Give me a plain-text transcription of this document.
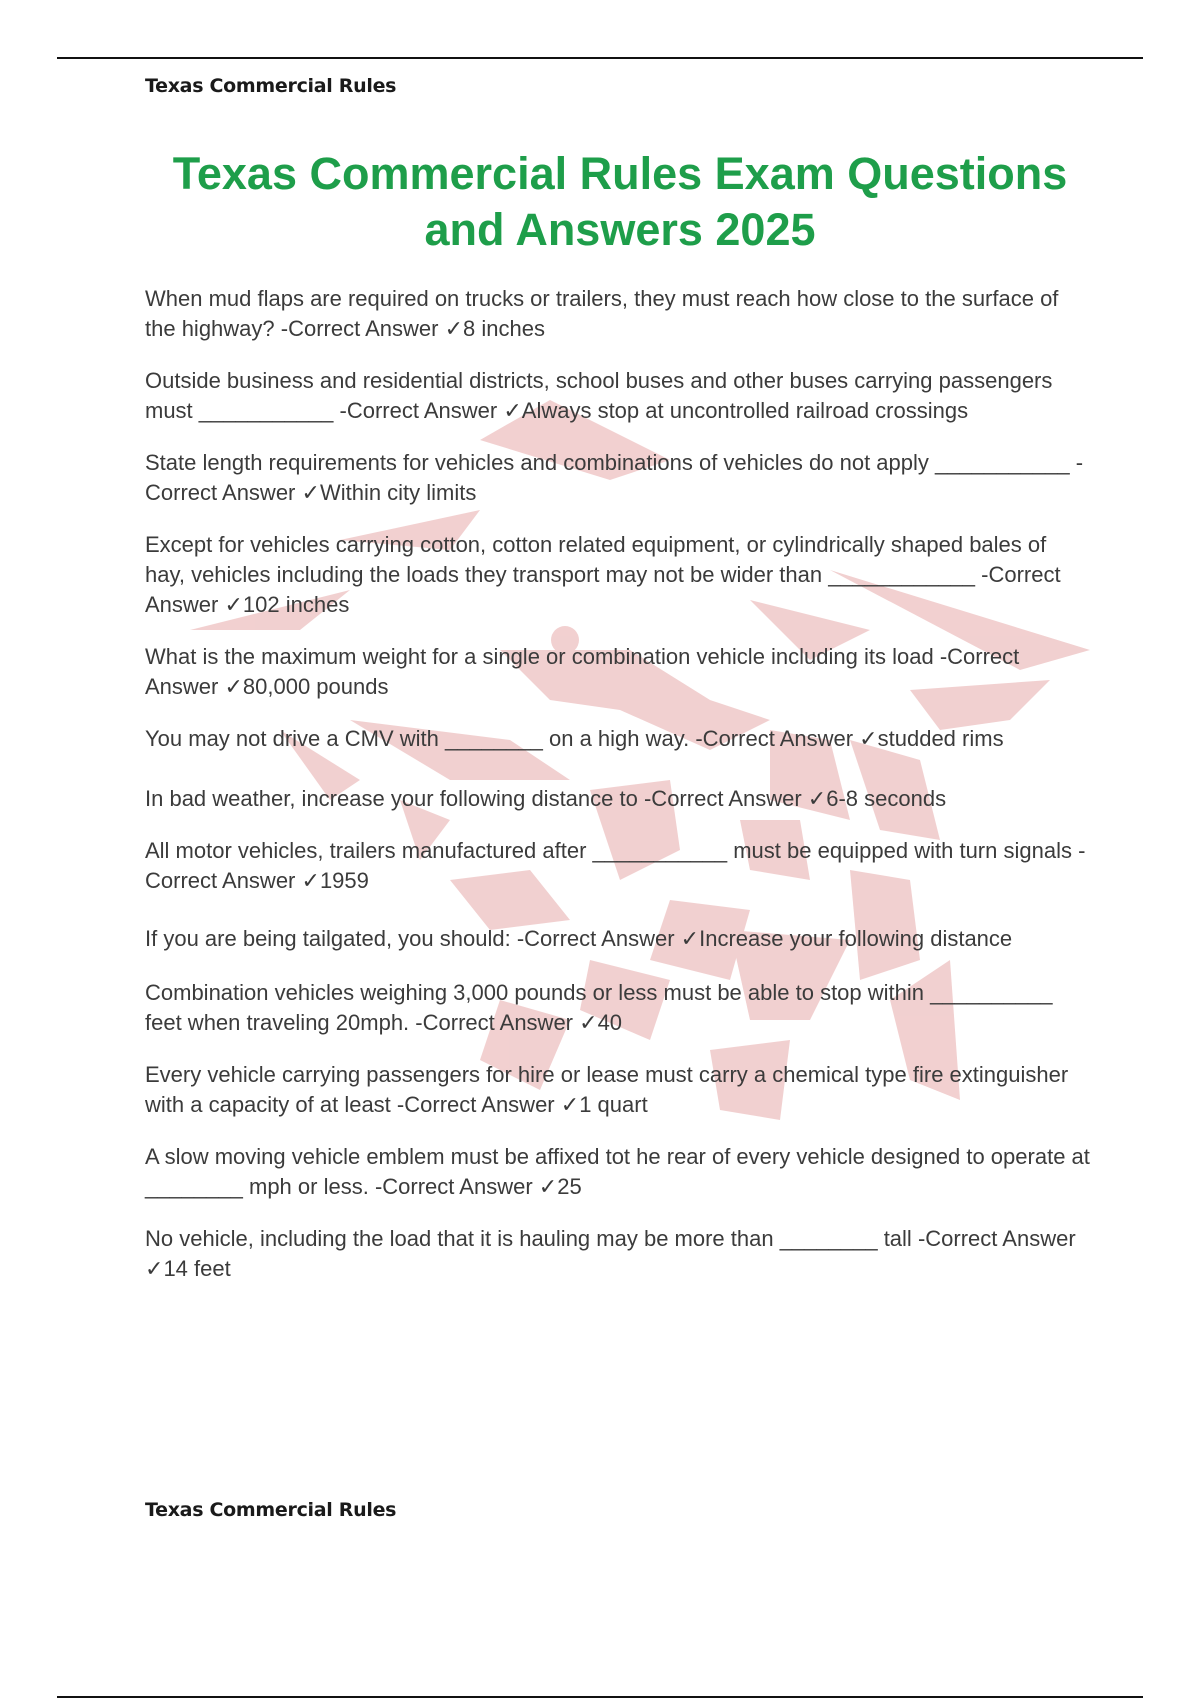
Texas Commercial Rules
Texas Commercial Rules Exam Questions and Answers 2025
When mud flaps are required on trucks or trailers, they must reach how close to the surface of the highway? -Correct Answer ✓8 inches
Outside business and residential districts, school buses and other buses carrying passengers must ___________ -Correct Answer ✓Always stop at uncontrolled railroad crossings
State length requirements for vehicles and combinations of vehicles do not apply ___________ -Correct Answer ✓Within city limits
Except for vehicles carrying cotton, cotton related equipment, or cylindrically shaped bales of hay, vehicles including the loads they transport may not be wider than ____________ -Correct Answer ✓102 inches
What is the maximum weight for a single or combination vehicle including its load -Correct Answer ✓80,000 pounds
You may not drive a CMV with ________ on a high way. -Correct Answer ✓studded rims
In bad weather, increase your following distance to -Correct Answer ✓6-8 seconds
All motor vehicles, trailers manufactured after ___________ must be equipped with turn signals -Correct Answer ✓1959
If you are being tailgated, you should: -Correct Answer ✓Increase your following distance
Combination vehicles weighing 3,000 pounds or less must be able to stop within __________ feet when traveling 20mph. -Correct Answer ✓40
Every vehicle carrying passengers for hire or lease must carry a chemical type fire extinguisher with a capacity of at least -Correct Answer ✓1 quart
A slow moving vehicle emblem must be affixed tot he rear of every vehicle designed to operate at ________ mph or less. -Correct Answer ✓25
No vehicle, including the load that it is hauling may be more than ________ tall -Correct Answer ✓14 feet
Texas Commercial Rules
